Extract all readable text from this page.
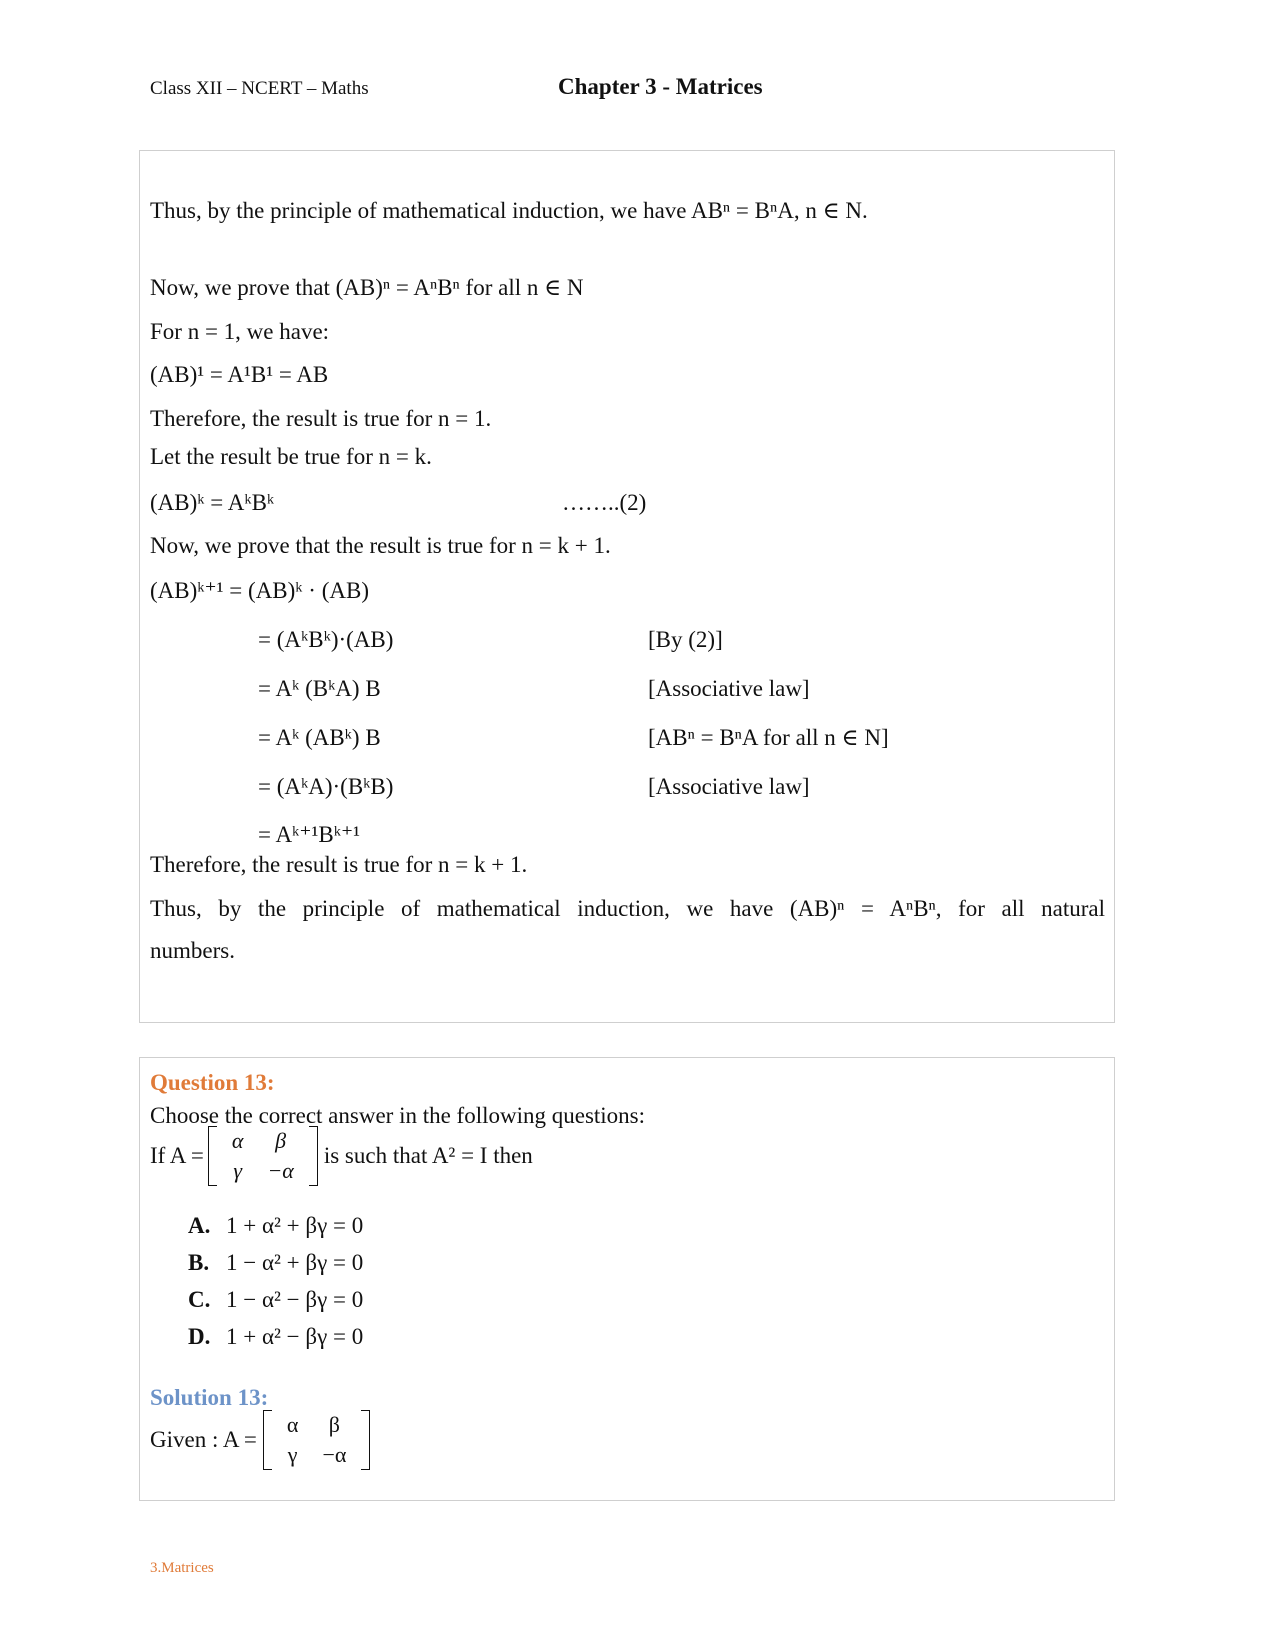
Class XII – NCERT – Maths	Chapter 3 - Matrices
Thus, by the principle of mathematical induction, we have ABⁿ = BⁿA, n ∈ N.
Now, we prove that (AB)ⁿ = AⁿBⁿ for all n ∈ N
For n = 1, we have:
(AB)¹ = A¹B¹ = AB
Therefore, the result is true for n = 1.
Let the result be true for n = k.
(AB)ᵏ = AᵏBᵏ	……..(2)
Now, we prove that the result is true for n = k + 1.
(AB)ᵏ⁺¹ = (AB)ᵏ · (AB)
= (AᵏBᵏ)·(AB)	[By (2)]
= Aᵏ (BᵏA) B	[Associative law]
= Aᵏ (ABᵏ) B	[ABⁿ = BⁿA for all n ∈ N]
= (AᵏA)·(BᵏB)	[Associative law]
= Aᵏ⁺¹Bᵏ⁺¹
Therefore, the result is true for n = k + 1.
Thus, by the principle of mathematical induction, we have (AB)ⁿ = AⁿBⁿ, for all natural
numbers.
Question 13:
Choose the correct answer in the following questions:
If A =
α	β
γ	−α
is such that A² = I then
A. 1 + α² + βγ = 0
B. 1 − α² + βγ = 0
C. 1 − α² − βγ = 0
D. 1 + α² − βγ = 0
Solution 13:
Given : A =
α	β
γ	−α
3.Matrices
